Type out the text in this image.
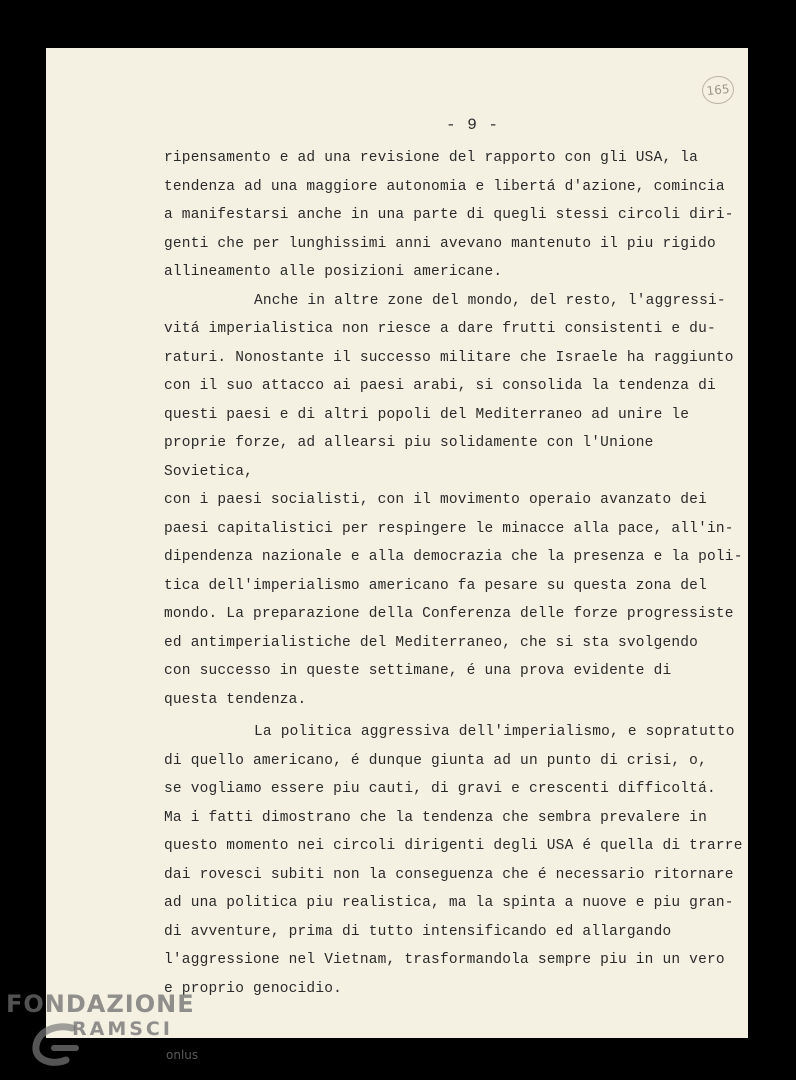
165
- 9 -

ripensamento e ad una revisione del rapporto con gli USA, la

tendenza ad una maggiore autonomia e libertá d'azione, comincia

a manifestarsi anche in una parte di quegli stessi circoli diri-

genti che per lunghissimi anni avevano mantenuto il piu rigido

allineamento alle posizioni americane.

Anche in altre zone del mondo, del resto, l'aggressi-

vitá imperialistica non riesce a dare frutti consistenti e du-

raturi. Nonostante il successo militare che Israele ha raggiunto

con il suo attacco ai paesi arabi, si consolida la tendenza di

questi paesi e di altri popoli del Mediterraneo ad unire le

proprie forze, ad allearsi piu solidamente con l'Unione Sovietica,

con i paesi socialisti, con il movimento operaio avanzato dei

paesi capitalistici per respingere le minacce alla pace, all'in-

dipendenza nazionale e alla democrazia che la presenza e la poli-

tica dell'imperialismo americano fa pesare su questa zona del

mondo. La preparazione della Conferenza delle forze progressiste

ed antimperialistiche del Mediterraneo, che si sta svolgendo

con successo in queste settimane, é una prova evidente di

questa tendenza.

La politica aggressiva dell'imperialismo, e sopratutto

di quello americano, é dunque giunta ad un punto di crisi, o,

se vogliamo essere piu cauti, di gravi e crescenti difficoltá.

Ma i fatti dimostrano che la tendenza che sembra prevalere in

questo momento nei circoli dirigenti degli USA é quella di trarre

dai rovesci subiti non la conseguenza che é necessario ritornare

ad una politica piu realistica, ma la spinta a nuove e piu gran-

di avventure, prima di tutto intensificando ed allargando

l'aggressione nel Vietnam, trasformandola sempre piu in un vero

e proprio genocidio.

FONDAZIONE
RAMSCI
onlus
